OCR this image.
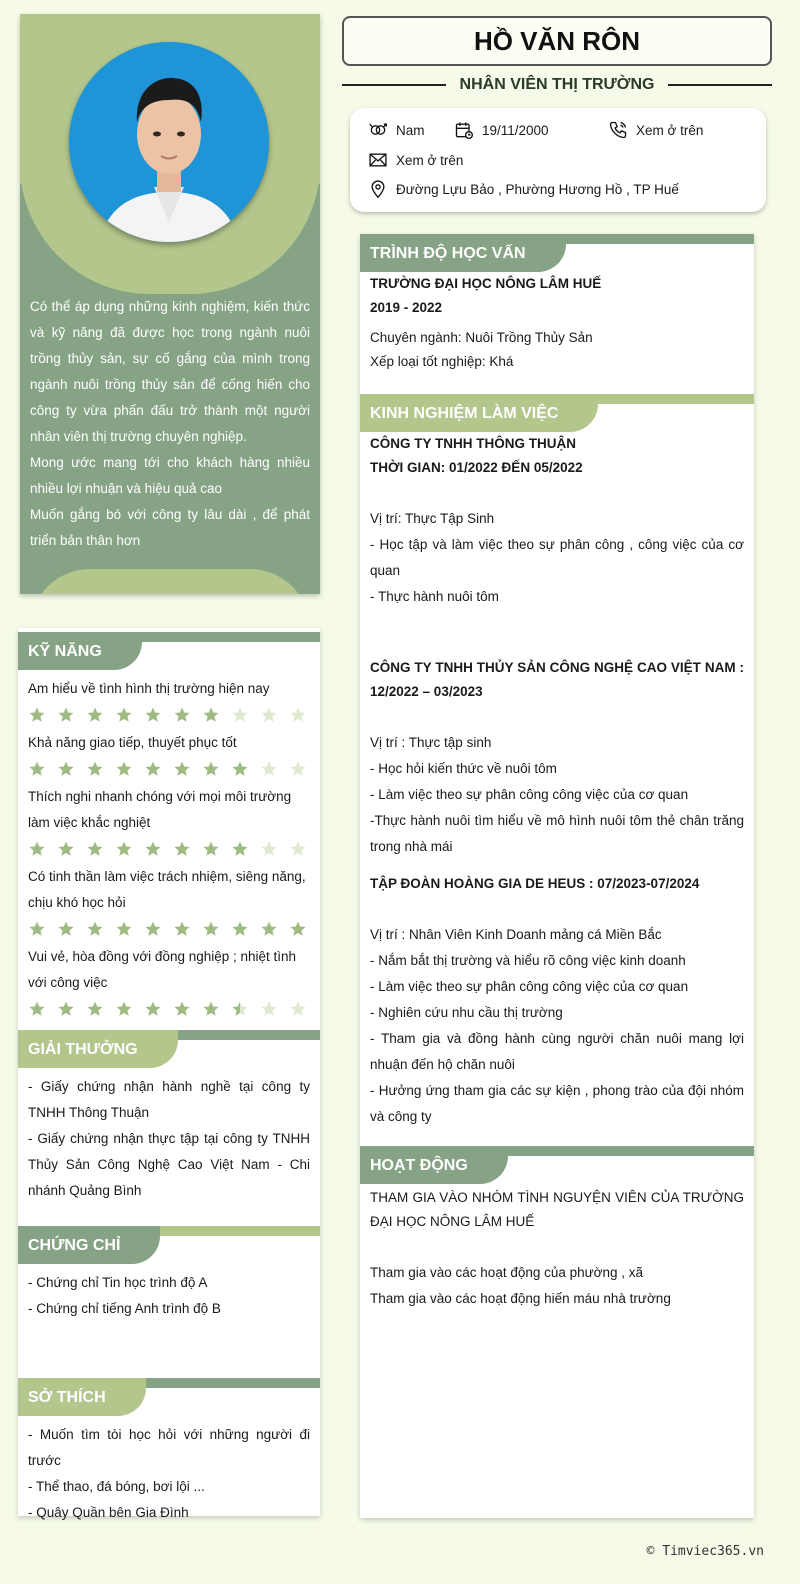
Có thể áp dụng những kinh nghiệm, kiến thức và kỹ năng đã được học trong ngành nuôi trồng thủy sản, sự cố gắng của mình trong ngành nuôi trồng thủy sản để cống hiến cho công ty vừa phấn đấu trở thành một người nhân viên thị trường chuyên nghiệp.

Mong ước mang tới cho khách hàng nhiều nhiều lợi nhuận và hiệu quả cao

Muốn gắng bó với công ty lâu dài , để phát triển bản thân hơn

KỸ NĂNG
Am hiểu về tình hình thị trường hiện nay
Khả năng giao tiếp, thuyết phục tốt
Thích nghi nhanh chóng với mọi môi trường làm việc khắc nghiệt
Có tinh thần làm việc trách nhiệm, siêng năng, chịu khó học hỏi
Vui vẻ, hòa đồng với đồng nghiệp ; nhiệt tình với công việc
GIẢI THƯỞNG
- Giấy chứng nhận hành nghề tại công ty TNHH Thông Thuận
- Giấy chứng nhận thực tập tại công ty TNHH Thủy Sản Công Nghệ Cao Việt Nam - Chi nhánh Quảng Bình
CHỨNG CHỈ
- Chứng chỉ Tin học trình độ A
- Chứng chỉ tiếng Anh trình độ B
SỞ THÍCH
- Muốn tìm tòi học hỏi với những người đi trước
- Thể thao, đá bóng, bơi lội ...
- Quây Quần bên Gia Đình
HỒ VĂN RÔN
NHÂN VIÊN THỊ TRƯỜNG
Nam	19/11/2000	Xem ở trên
Xem ở trên
Đường Lựu Bảo , Phường Hương Hồ , TP Huế
TRÌNH ĐỘ HỌC VẤN
TRƯỜNG ĐẠI HỌC NÔNG LÂM HUẾ
2019 - 2022
Chuyên ngành: Nuôi Trồng Thủy Sản
Xếp loại tốt nghiệp: Khá
KINH NGHIỆM LÀM VIỆC
CÔNG TY TNHH THÔNG THUẬN
THỜI GIAN: 01/2022 ĐẾN 05/2022
Vị trí: Thực Tập Sinh
- Học tập và làm việc theo sự phân công , công việc của cơ quan
- Thực hành nuôi tôm
CÔNG TY TNHH THỦY SẢN CÔNG NGHỆ CAO VIỆT NAM : 12/2022 – 03/2023
Vị trí : Thực tập sinh
- Học hỏi kiến thức về nuôi tôm
- Làm việc theo sự phân công công việc của cơ quan
-Thực hành nuôi tìm hiểu về mô hình nuôi tôm thẻ chân trăng trong nhà mái
TẬP ĐOÀN HOÀNG GIA DE HEUS : 07/2023-07/2024
Vị trí : Nhân Viên Kinh Doanh mảng cá Miền Bắc
- Nắm bắt thị trường và hiểu rõ công việc kinh doanh
- Làm việc theo sự phân công công việc của cơ quan
- Nghiên cứu nhu cầu thị trường
- Tham gia và đồng hành cùng người chăn nuôi mang lợi nhuận đến hộ chăn nuôi
- Hưởng ứng tham gia các sự kiện , phong trào của đội nhóm và công ty
HOẠT ĐỘNG
THAM GIA VÀO NHÓM TÌNH NGUYỆN VIÊN CỦA TRƯỜNG ĐẠI HỌC NÔNG LÂM HUẾ
Tham gia vào các hoạt động của phường , xã
Tham gia vào các hoạt động hiến máu nhà trường
© Timviec365.vn
